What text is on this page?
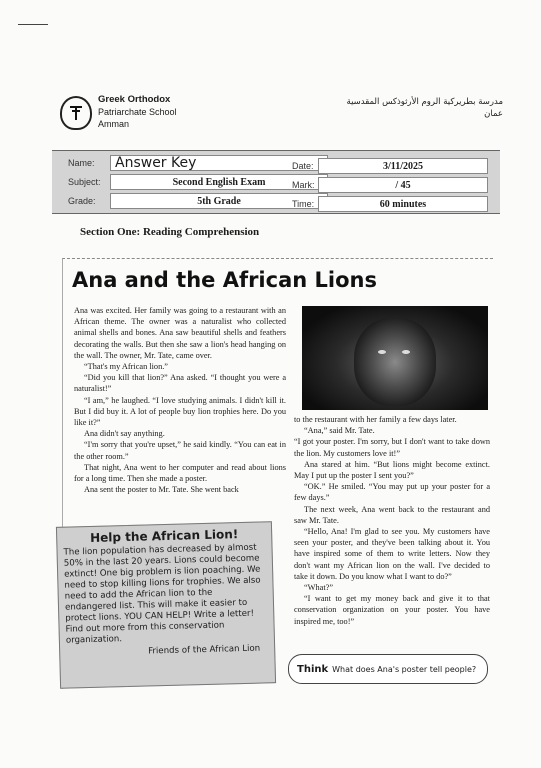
Greek Orthodox
Patriarchate School
Amman
مدرسة بطريركية الروم الأرثوذكس المقدسية
عمان
Name:	Answer Key
Subject:	Second English Exam
Grade:	5th Grade
Date:	3/11/2025
Mark:	/ 45
Time:	60 minutes
Section One: Reading Comprehension
Ana and the African Lions

Ana was excited. Her family was going to a restaurant with an African theme. The owner was a naturalist who collected animal shells and bones. Ana saw beautiful shells and feathers decorating the walls. But then she saw a lion's head hanging on the wall. The owner, Mr. Tate, came over.

“That's my African lion.”

“Did you kill that lion?” Ana asked. “I thought you were a naturalist!”

“I am,” he laughed. “I love studying animals. I didn't kill it. But I did buy it. A lot of people buy lion trophies here. Do you like it?”

Ana didn't say anything.

“I'm sorry that you're upset,” he said kindly. “You can eat in the other room.”

That night, Ana went to her computer and read about lions for a long time. Then she made a poster.

Ana sent the poster to Mr. Tate. She went back

to the restaurant with her family a few days later.

“Ana,” said Mr. Tate.

“I got your poster. I'm sorry, but I don't want to take down the lion. My customers love it!”

Ana stared at him. “But lions might become extinct. May I put up the poster I sent you?”

“OK.” He smiled. “You may put up your poster for a few days.”

The next week, Ana went back to the restaurant and saw Mr. Tate.

“Hello, Ana! I'm glad to see you. My customers have seen your poster, and they've been talking about it. You have inspired some of them to write letters. Now they don't want my African lion on the wall. I've decided to take it down. Do you know what I want to do?”

“What?”

“I want to get my money back and give it to that conservation organization on your poster. You have inspired me, too!”

Help the African Lion!
The lion population has decreased by almost 50% in the last 20 years. Lions could become extinct! One big problem is lion poaching. We need to stop killing lions for trophies. We also need to add the African lion to the endangered list. This will make it easier to protect lions. YOU CAN HELP! Write a letter! Find out more from this conservation organization.
Friends of the African Lion
Think What does Ana's poster tell people?
